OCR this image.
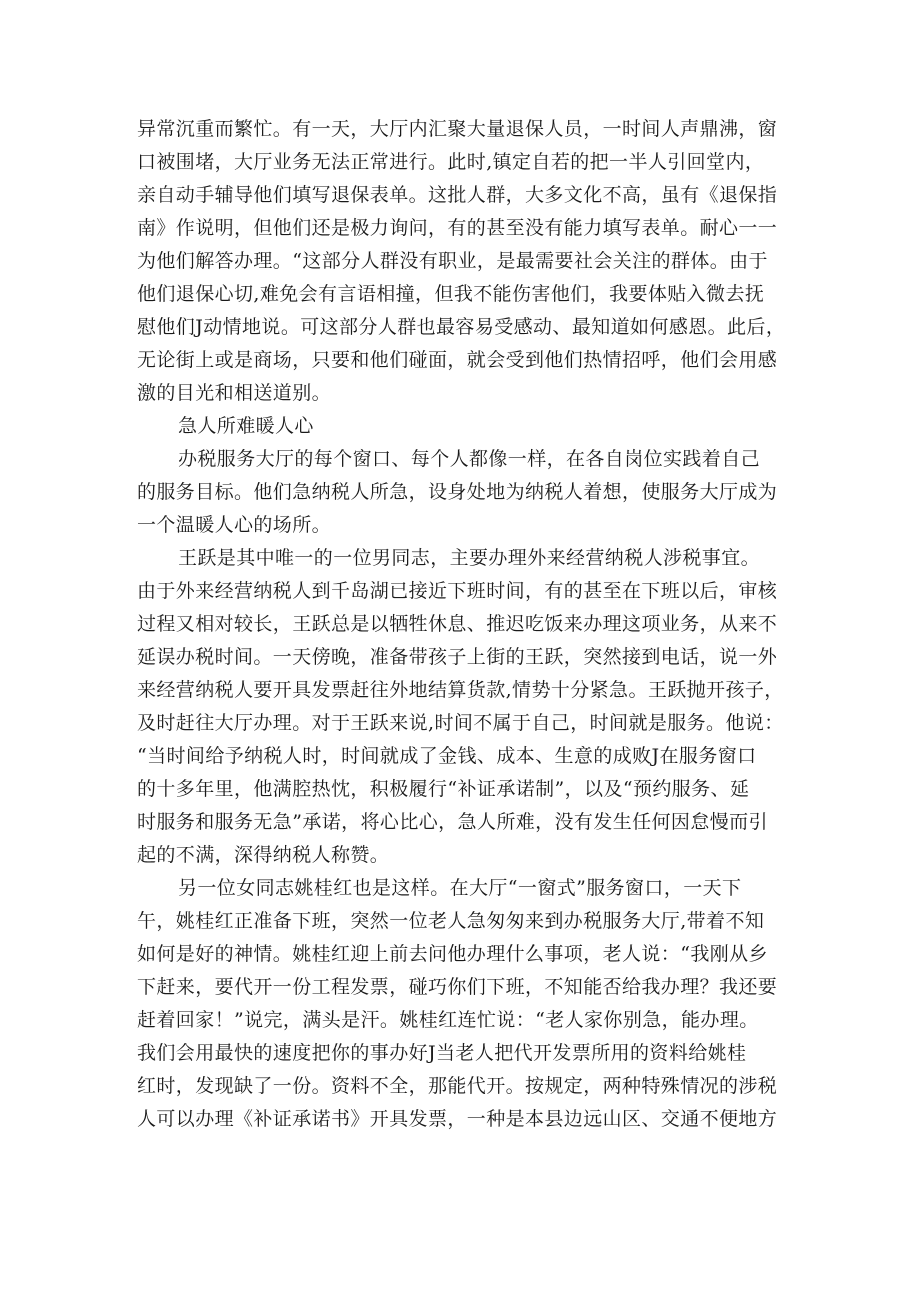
异常沉重而繁忙。有一天，大厅内汇聚大量退保人员，一时间人声鼎沸，窗
口被围堵，大厅业务无法正常进行。此时,镇定自若的把一半人引回堂内，
亲自动手辅导他们填写退保表单。这批人群，大多文化不高，虽有《退保指
南》作说明，但他们还是极力询问，有的甚至没有能力填写表单。耐心一一
为他们解答办理。“这部分人群没有职业，是最需要社会关注的群体。由于
他们退保心切,难免会有言语相撞，但我不能伤害他们，我要体贴入微去抚
慰他们J动情地说。可这部分人群也最容易受感动、最知道如何感恩。此后，
无论街上或是商场，只要和他们碰面，就会受到他们热情招呼，他们会用感
激的目光和相送道别。
急人所难暖人心
办税服务大厅的每个窗口、每个人都像一样，在各自岗位实践着自己
的服务目标。他们急纳税人所急，设身处地为纳税人着想，使服务大厅成为
一个温暖人心的场所。
王跃是其中唯一的一位男同志，主要办理外来经营纳税人涉税事宜。
由于外来经营纳税人到千岛湖已接近下班时间，有的甚至在下班以后，审核
过程又相对较长，王跃总是以牺牲休息、推迟吃饭来办理这项业务，从来不
延误办税时间。一天傍晚，准备带孩子上街的王跃，突然接到电话，说一外
来经营纳税人要开具发票赶往外地结算货款,情势十分紧急。王跃抛开孩子，
及时赶往大厅办理。对于王跃来说,时间不属于自己，时间就是服务。他说：
“当时间给予纳税人时，时间就成了金钱、成本、生意的成败J在服务窗口
的十多年里，他满腔热忱，积极履行“补证承诺制”，以及“预约服务、延
时服务和服务无急”承诺，将心比心，急人所难，没有发生任何因怠慢而引
起的不满，深得纳税人称赞。
另一位女同志姚桂红也是这样。在大厅“一窗式”服务窗口，一天下
午，姚桂红正准备下班，突然一位老人急匆匆来到办税服务大厅,带着不知
如何是好的神情。姚桂红迎上前去问他办理什么事项，老人说：“我刚从乡
下赶来，要代开一份工程发票，碰巧你们下班，不知能否给我办理？我还要
赶着回家！”说完，满头是汗。姚桂红连忙说：“老人家你别急，能办理。
我们会用最快的速度把你的事办好J当老人把代开发票所用的资料给姚桂
红时，发现缺了一份。资料不全，那能代开。按规定，两种特殊情况的涉税
人可以办理《补证承诺书》开具发票，一种是本县边远山区、交通不便地方
